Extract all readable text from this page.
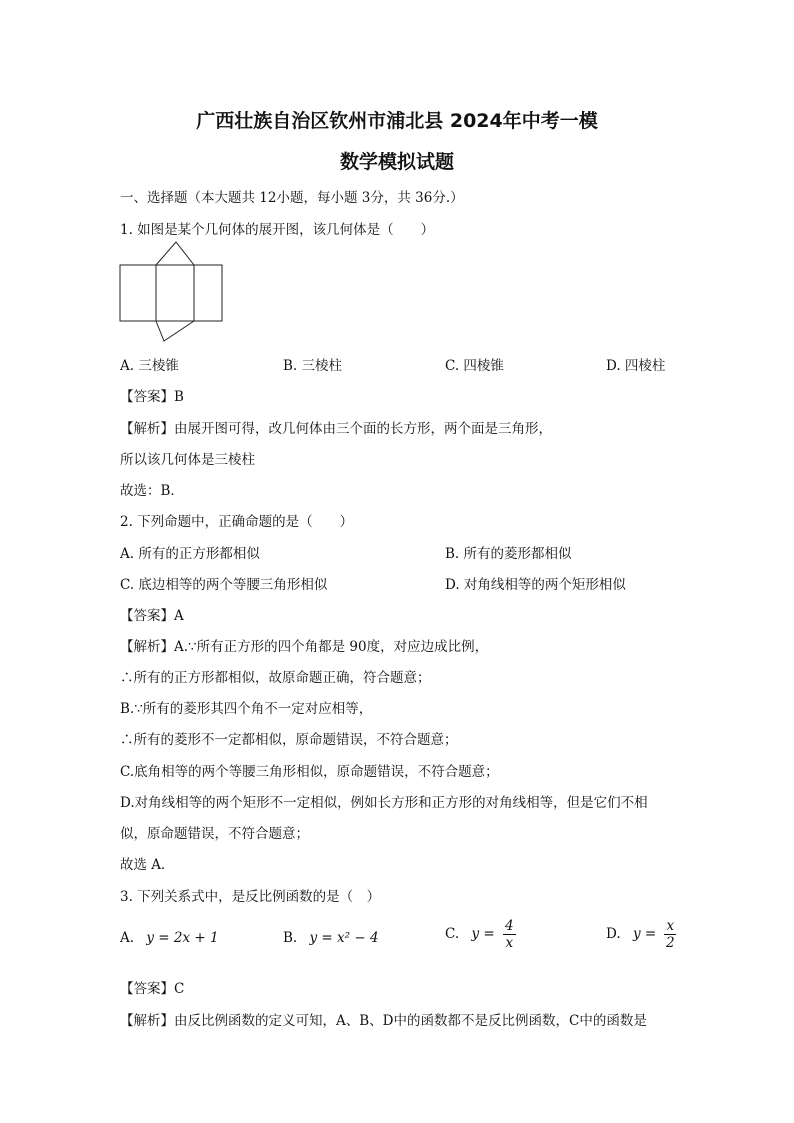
广西壮族自治区钦州市浦北县 2024年中考一模
数学模拟试题
一、选择题（本大题共 12小题，每小题 3分，共 36分.）
1. 如图是某个几何体的展开图，该几何体是（　　）
A. 三棱锥	B. 三棱柱	C. 四棱锥	D. 四棱柱
【答案】B
【解析】由展开图可得，改几何体由三个面的长方形，两个面是三角形，
所以该几何体是三棱柱
故选：B．
2. 下列命题中，正确命题的是（　　）
A. 所有的正方形都相似	B. 所有的菱形都相似
C. 底边相等的两个等腰三角形相似	D. 对角线相等的两个矩形相似
【答案】A
【解析】A.∵所有正方形的四个角都是 90度，对应边成比例，
∴所有的正方形都相似，故原命题正确，符合题意；
B.∵所有的菱形其四个角不一定对应相等，
∴所有的菱形不一定都相似，原命题错误，不符合题意；
C.底角相等的两个等腰三角形相似，原命题错误，不符合题意；
D.对角线相等的两个矩形不一定相似，例如长方形和正方形的对角线相等，但是它们不相
似，原命题错误，不符合题意；
故选 A．
3. 下列关系式中，是反比例函数的是（　）
A. y = 2x + 1	B. y = x² − 4	C. $y = \frac{4}{x}$	D. $y = \frac{x}{2}$
【答案】C
【解析】由反比例函数的定义可知，A、B、D中的函数都不是反比例函数，C中的函数是
